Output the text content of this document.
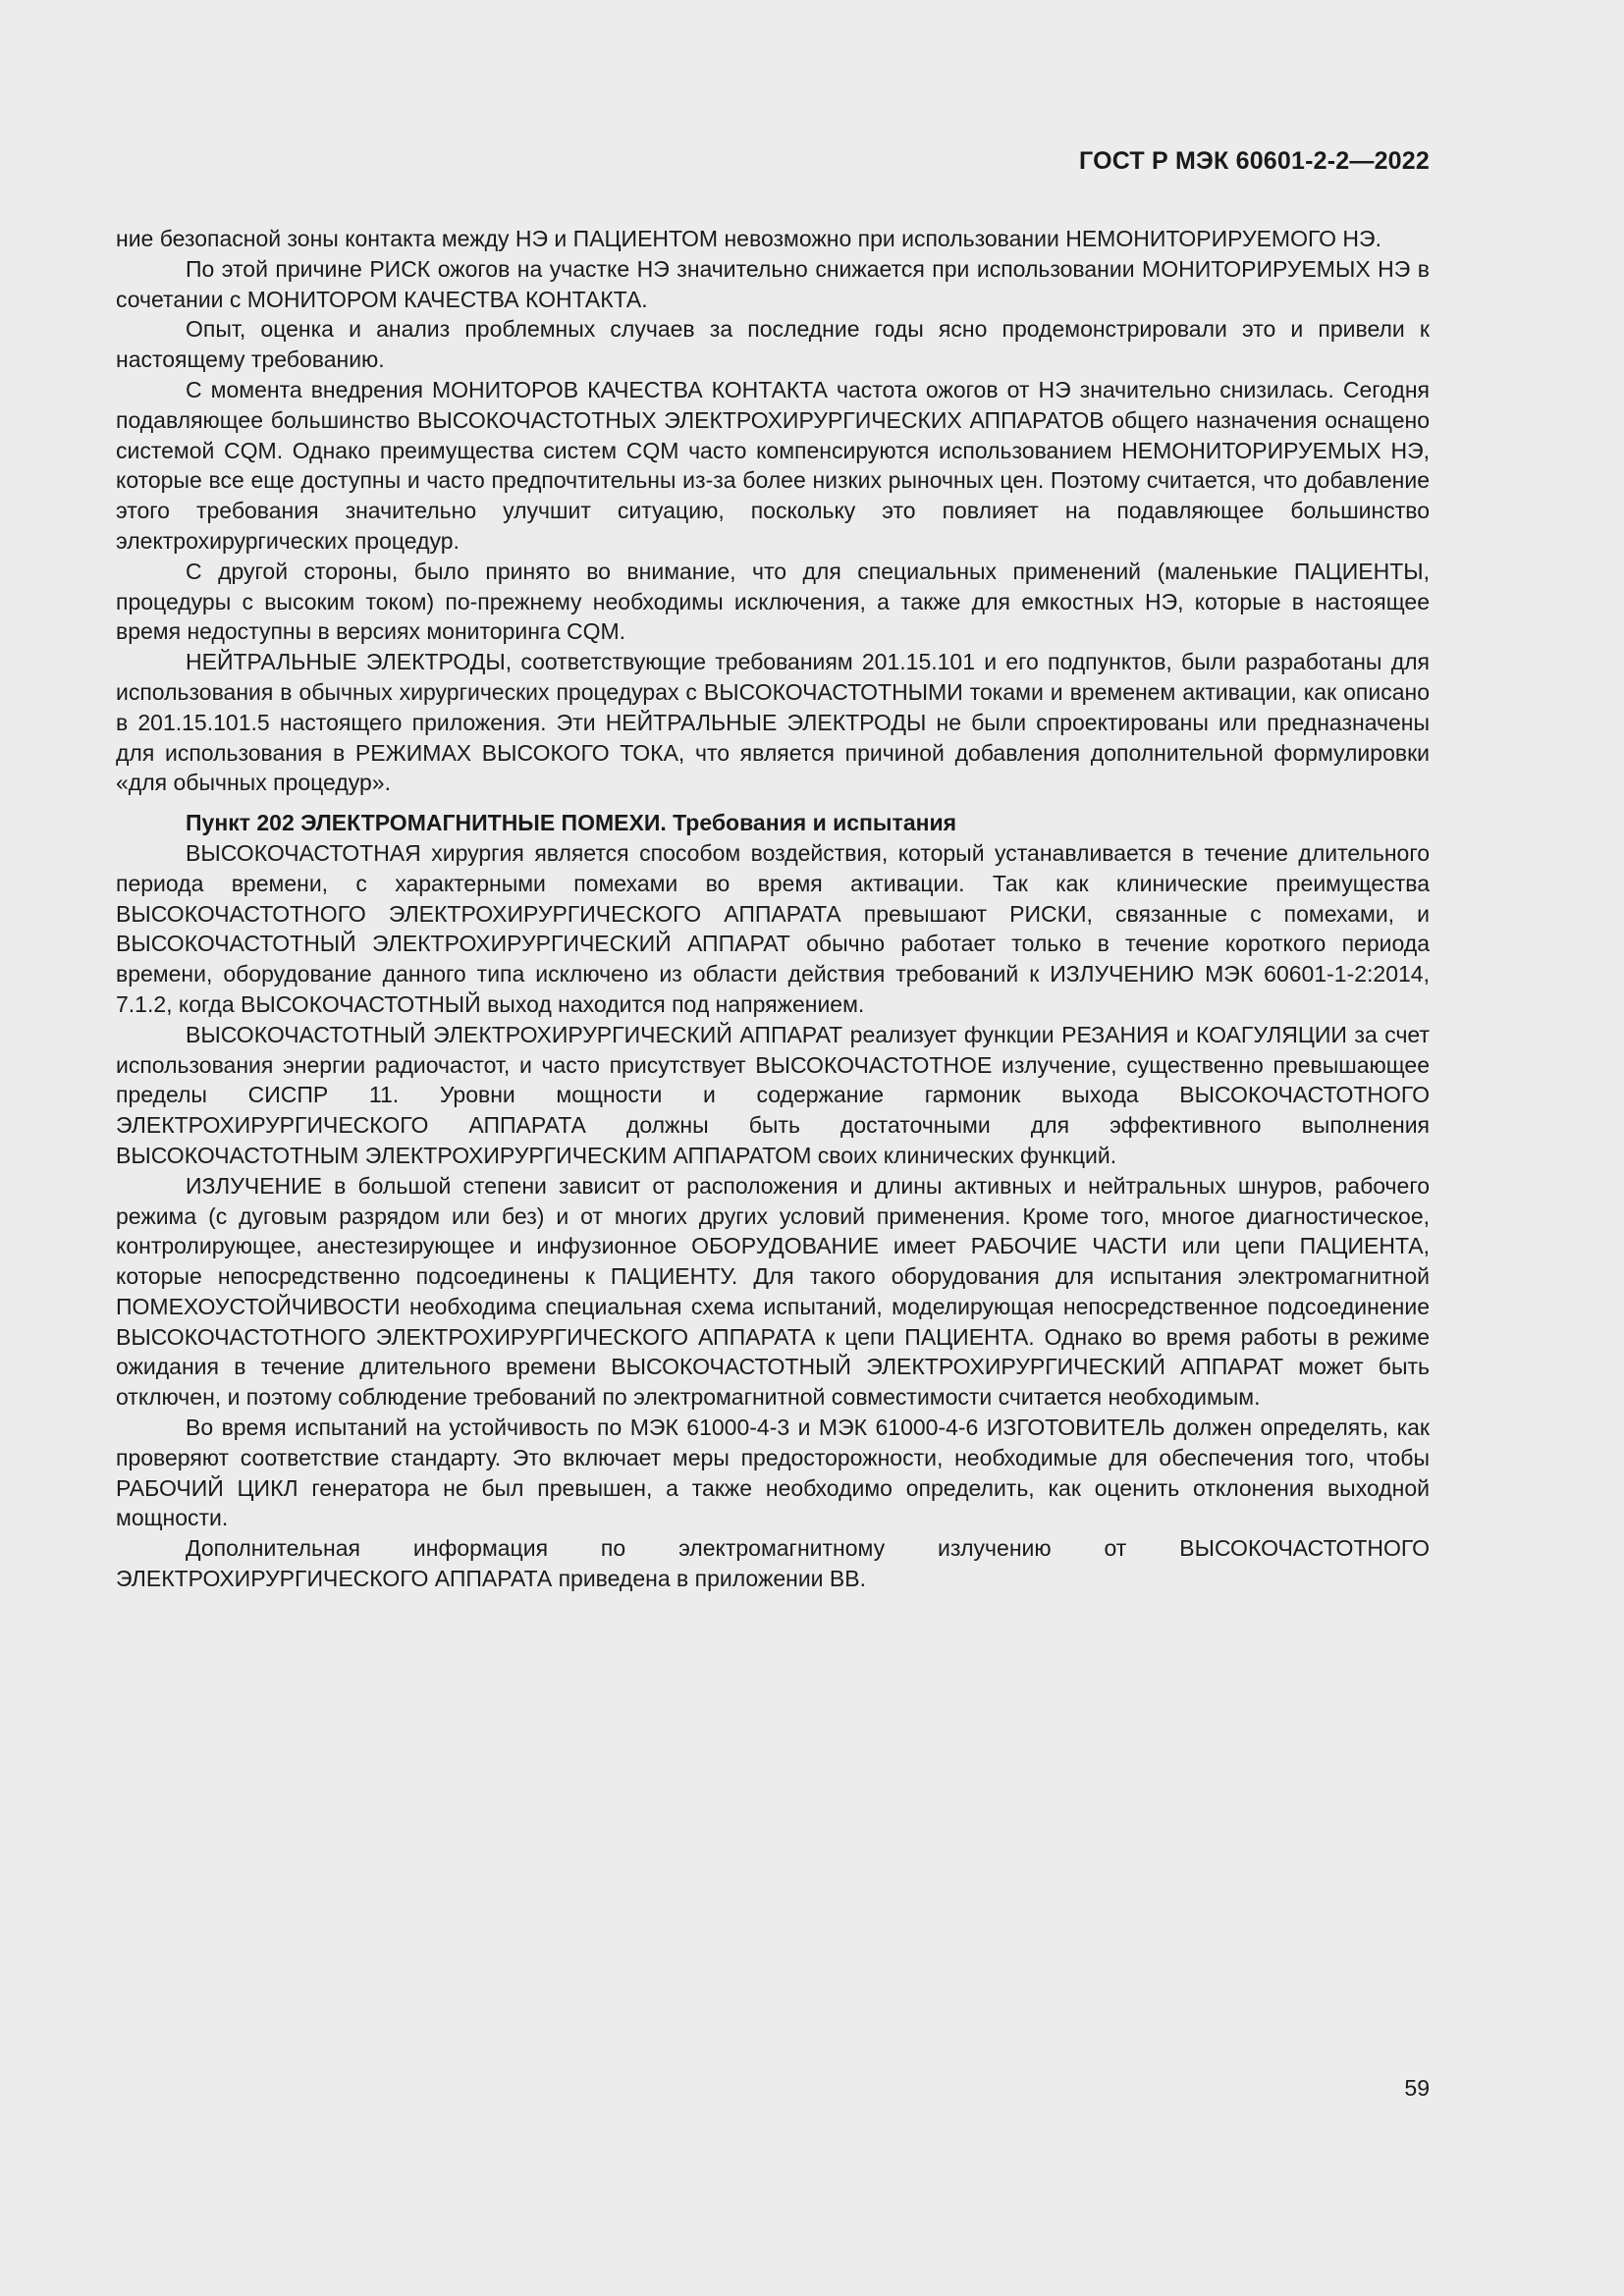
ГОСТ Р МЭК 60601-2-2—2022

ние безопасной зоны контакта между НЭ и ПАЦИЕНТОМ невозможно при использовании НЕМОНИТОРИРУЕМОГО НЭ.

По этой причине РИСК ожогов на участке НЭ значительно снижается при использовании МОНИТОРИРУЕМЫХ НЭ в сочетании с МОНИТОРОМ КАЧЕСТВА КОНТАКТА.

Опыт, оценка и анализ проблемных случаев за последние годы ясно продемонстрировали это и привели к настоящему требованию.

С момента внедрения МОНИТОРОВ КАЧЕСТВА КОНТАКТА частота ожогов от НЭ значительно снизилась. Сегодня подавляющее большинство ВЫСОКОЧАСТОТНЫХ ЭЛЕКТРОХИРУРГИЧЕСКИХ АППАРАТОВ общего назначения оснащено системой CQM. Однако преимущества систем CQM часто компенсируются использованием НЕМОНИТОРИРУЕМЫХ НЭ, которые все еще доступны и часто предпочтительны из-за более низких рыночных цен. Поэтому считается, что добавление этого требования значительно улучшит ситуацию, поскольку это повлияет на подавляющее большинство электрохирургических процедур.

С другой стороны, было принято во внимание, что для специальных применений (маленькие ПАЦИЕНТЫ, процедуры с высоким током) по-прежнему необходимы исключения, а также для емкостных НЭ, которые в настоящее время недоступны в версиях мониторинга CQM.

НЕЙТРАЛЬНЫЕ ЭЛЕКТРОДЫ, соответствующие требованиям 201.15.101 и его подпунктов, были разработаны для использования в обычных хирургических процедурах с ВЫСОКОЧАСТОТНЫМИ токами и временем активации, как описано в 201.15.101.5 настоящего приложения. Эти НЕЙТРАЛЬНЫЕ ЭЛЕКТРОДЫ не были спроектированы или предназначены для использования в РЕЖИМАХ ВЫСОКОГО ТОКА, что является причиной добавления дополнительной формулировки «для обычных процедур».

Пункт 202 ЭЛЕКТРОМАГНИТНЫЕ ПОМЕХИ. Требования и испытания

ВЫСОКОЧАСТОТНАЯ хирургия является способом воздействия, который устанавливается в течение длительного периода времени, с характерными помехами во время активации. Так как клинические преимущества ВЫСОКОЧАСТОТНОГО ЭЛЕКТРОХИРУРГИЧЕСКОГО АППАРАТА превышают РИСКИ, связанные с помехами, и ВЫСОКОЧАСТОТНЫЙ ЭЛЕКТРОХИРУРГИЧЕСКИЙ АППАРАТ обычно работает только в течение короткого периода времени, оборудование данного типа исключено из области действия требований к ИЗЛУЧЕНИЮ МЭК 60601-1-2:2014, 7.1.2, когда ВЫСОКОЧАСТОТНЫЙ выход находится под напряжением.

ВЫСОКОЧАСТОТНЫЙ ЭЛЕКТРОХИРУРГИЧЕСКИЙ АППАРАТ реализует функции РЕЗАНИЯ и КОАГУЛЯЦИИ за счет использования энергии радиочастот, и часто присутствует ВЫСОКОЧАСТОТНОЕ излучение, существенно превышающее пределы СИСПР 11. Уровни мощности и содержание гармоник выхода ВЫСОКОЧАСТОТНОГО ЭЛЕКТРОХИРУРГИЧЕСКОГО АППАРАТА должны быть достаточными для эффективного выполнения ВЫСОКОЧАСТОТНЫМ ЭЛЕКТРОХИРУРГИЧЕСКИМ АППАРАТОМ своих клинических функций.

ИЗЛУЧЕНИЕ в большой степени зависит от расположения и длины активных и нейтральных шнуров, рабочего режима (с дуговым разрядом или без) и от многих других условий применения. Кроме того, многое диагностическое, контролирующее, анестезирующее и инфузионное ОБОРУДОВАНИЕ имеет РАБОЧИЕ ЧАСТИ или цепи ПАЦИЕНТА, которые непосредственно подсоединены к ПАЦИЕНТУ. Для такого оборудования для испытания электромагнитной ПОМЕХОУСТОЙЧИВОСТИ необходима специальная схема испытаний, моделирующая непосредственное подсоединение ВЫСОКОЧАСТОТНОГО ЭЛЕКТРОХИРУРГИЧЕСКОГО АППАРАТА к цепи ПАЦИЕНТА. Однако во время работы в режиме ожидания в течение длительного времени ВЫСОКОЧАСТОТНЫЙ ЭЛЕКТРОХИРУРГИЧЕСКИЙ АППАРАТ может быть отключен, и поэтому соблюдение требований по электромагнитной совместимости считается необходимым.

Во время испытаний на устойчивость по МЭК 61000-4-3 и МЭК 61000-4-6 ИЗГОТОВИТЕЛЬ должен определять, как проверяют соответствие стандарту. Это включает меры предосторожности, необходимые для обеспечения того, чтобы РАБОЧИЙ ЦИКЛ генератора не был превышен, а также необходимо определить, как оценить отклонения выходной мощности.

Дополнительная информация по электромагнитному излучению от ВЫСОКОЧАСТОТНОГО ЭЛЕКТРОХИРУРГИЧЕСКОГО АППАРАТА приведена в приложении ВВ.

59
